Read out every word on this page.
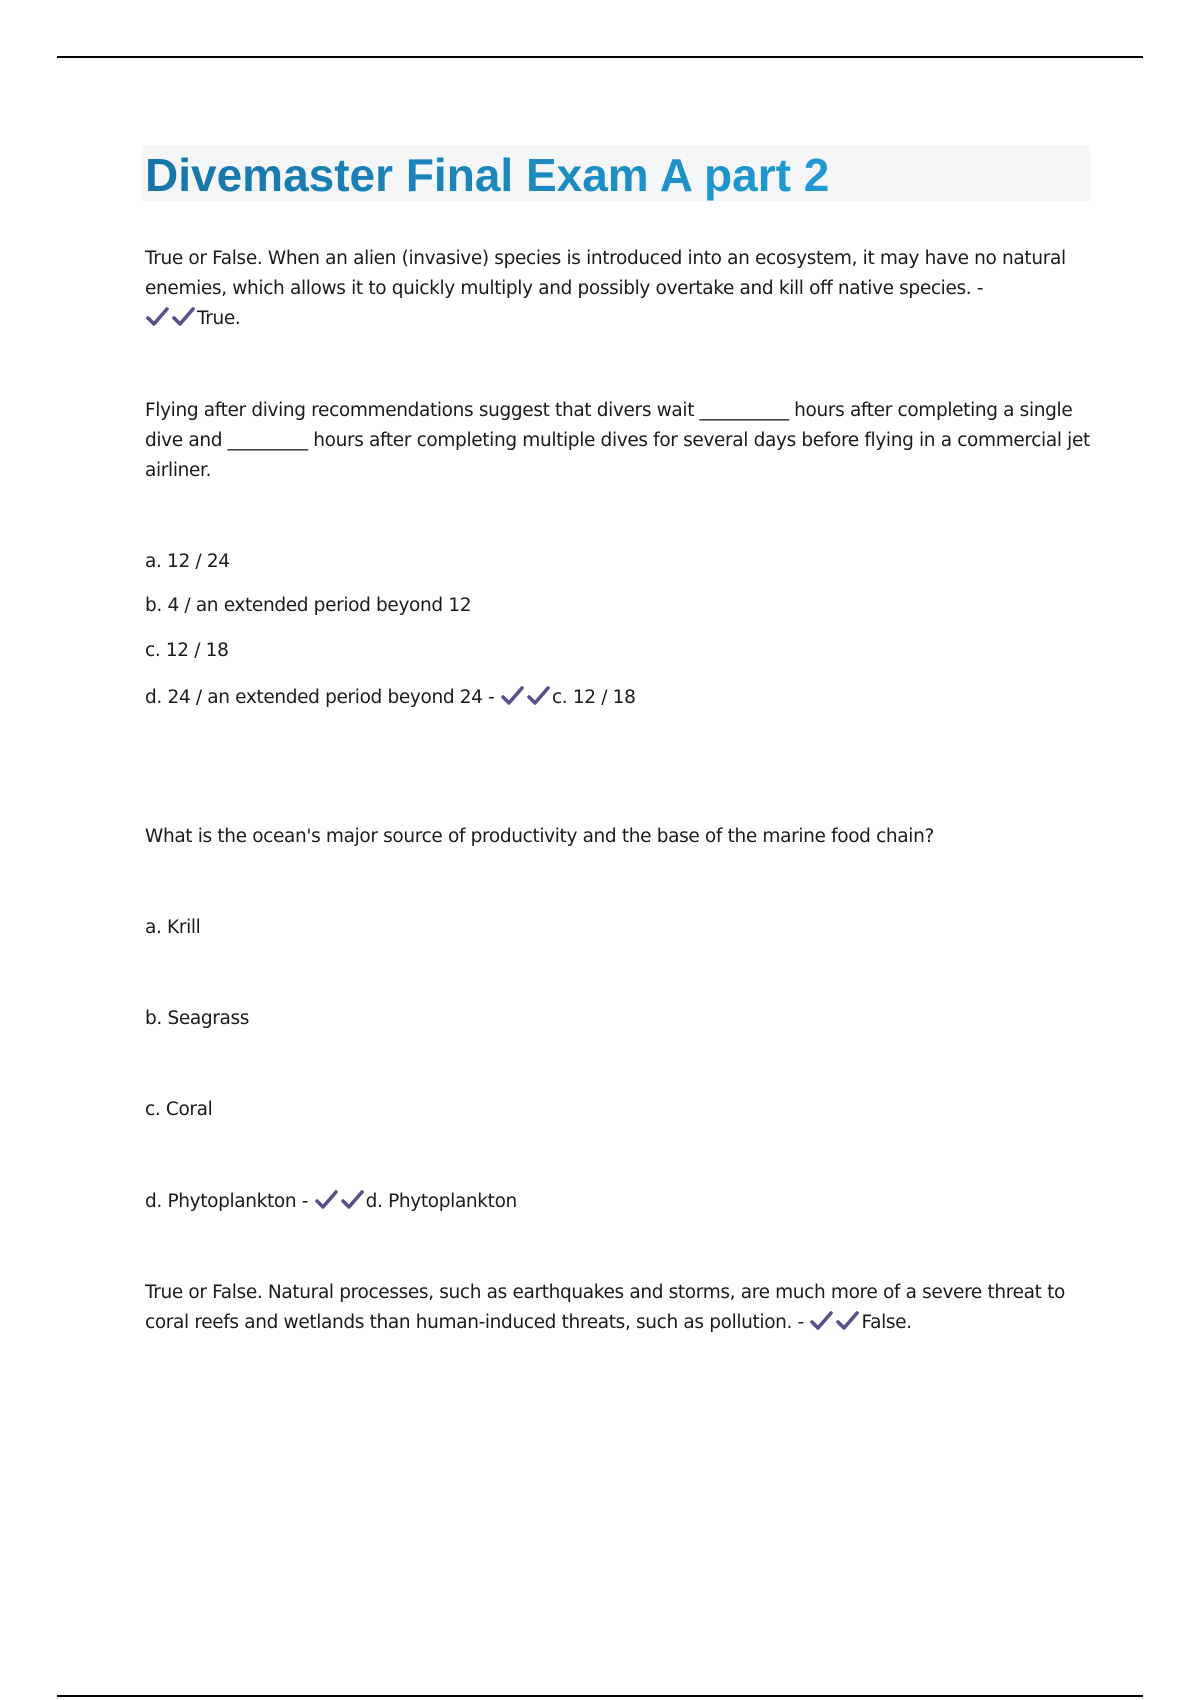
Divemaster Final Exam A part 2

True or False. When an alien (invasive) species is introduced into an ecosystem, it may have no natural enemies, which allows it to quickly multiply and possibly overtake and kill off native species. -
True.

Flying after diving recommendations suggest that divers wait __________ hours after completing a single dive and _________ hours after completing multiple dives for several days before flying in a commercial jet airliner.

a. 12 / 24

b. 4 / an extended period beyond 12

c. 12 / 18

d. 24 / an extended period beyond 24 -	c. 12 / 18

What is the ocean's major source of productivity and the base of the marine food chain?

a. Krill

b. Seagrass

c. Coral

d. Phytoplankton -	d. Phytoplankton

True or False. Natural processes, such as earthquakes and storms, are much more of a severe threat to coral reefs and wetlands than human-induced threats, such as pollution. -	False.
